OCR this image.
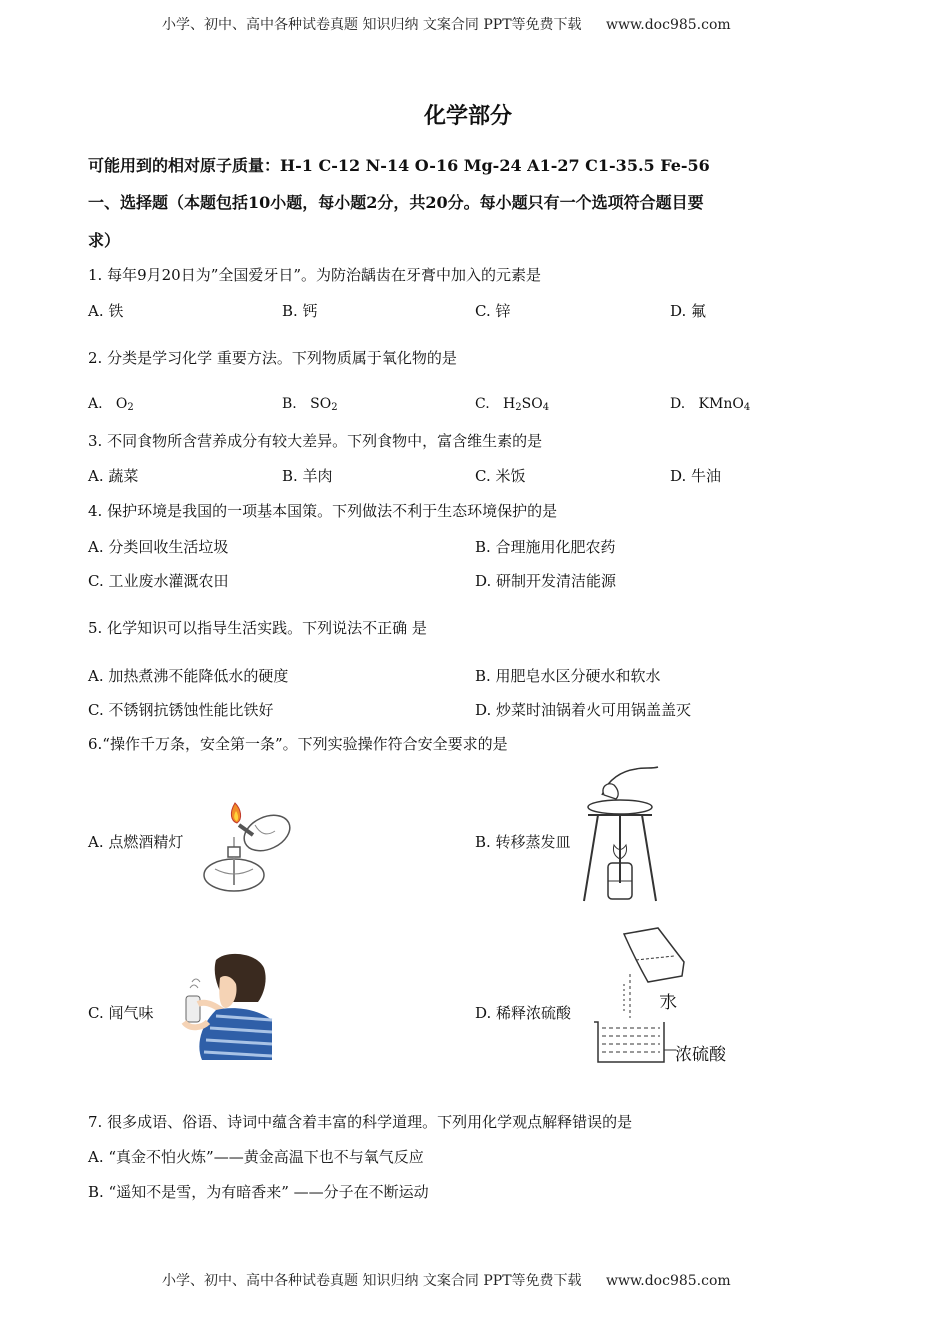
小学、初中、高中各种试卷真题 知识归纳 文案合同 PPT等免费下载 www.doc985.com
化学部分
可能用到的相对原子质量：H-1 C-12 N-14 O-16 Mg-24 A1-27 C1-35.5 Fe-56
一、选择题（本题包括10小题，每小题2分，共20分。每小题只有一个选项符合题目要
求）
1. 每年9月20日为”全国爱牙日”。为防治龋齿在牙膏中加入的元素是
A. 铁	B. 钙	C. 锌	D. 氟
2. 分类是学习化学 重要方法。下列物质属于氧化物的是
A. $O_2$	B. $SO_2$	C. $H_2SO_4$	D. KMnO$_4$
3. 不同食物所含营养成分有较大差异。下列食物中，富含维生素的是
A. 蔬菜	B. 羊肉	C. 米饭	D. 牛油
4. 保护环境是我国的一项基本国策。下列做法不利于生态环境保护的是
A. 分类回收生活垃圾	B. 合理施用化肥农药
C. 工业废水灌溉农田	D. 研制开发清洁能源
5. 化学知识可以指导生活实践。下列说法不正确 是
A. 加热煮沸不能降低水的硬度	B. 用肥皂水区分硬水和软水
C. 不锈钢抗锈蚀性能比铁好	D. 炒菜时油锅着火可用锅盖盖灭
6.“操作千万条，安全第一条”。下列实验操作符合安全要求的是
A. 点燃酒精灯	B. 转移蒸发皿
C. 闻气味	D. 稀释浓硫酸	水
浓硫酸
7. 很多成语、俗语、诗词中蕴含着丰富的科学道理。下列用化学观点解释错误的是
A. “真金不怕火炼”——黄金高温下也不与氧气反应
B. “遥知不是雪，为有暗香来” ——分子在不断运动
小学、初中、高中各种试卷真题 知识归纳 文案合同 PPT等免费下载 www.doc985.com
